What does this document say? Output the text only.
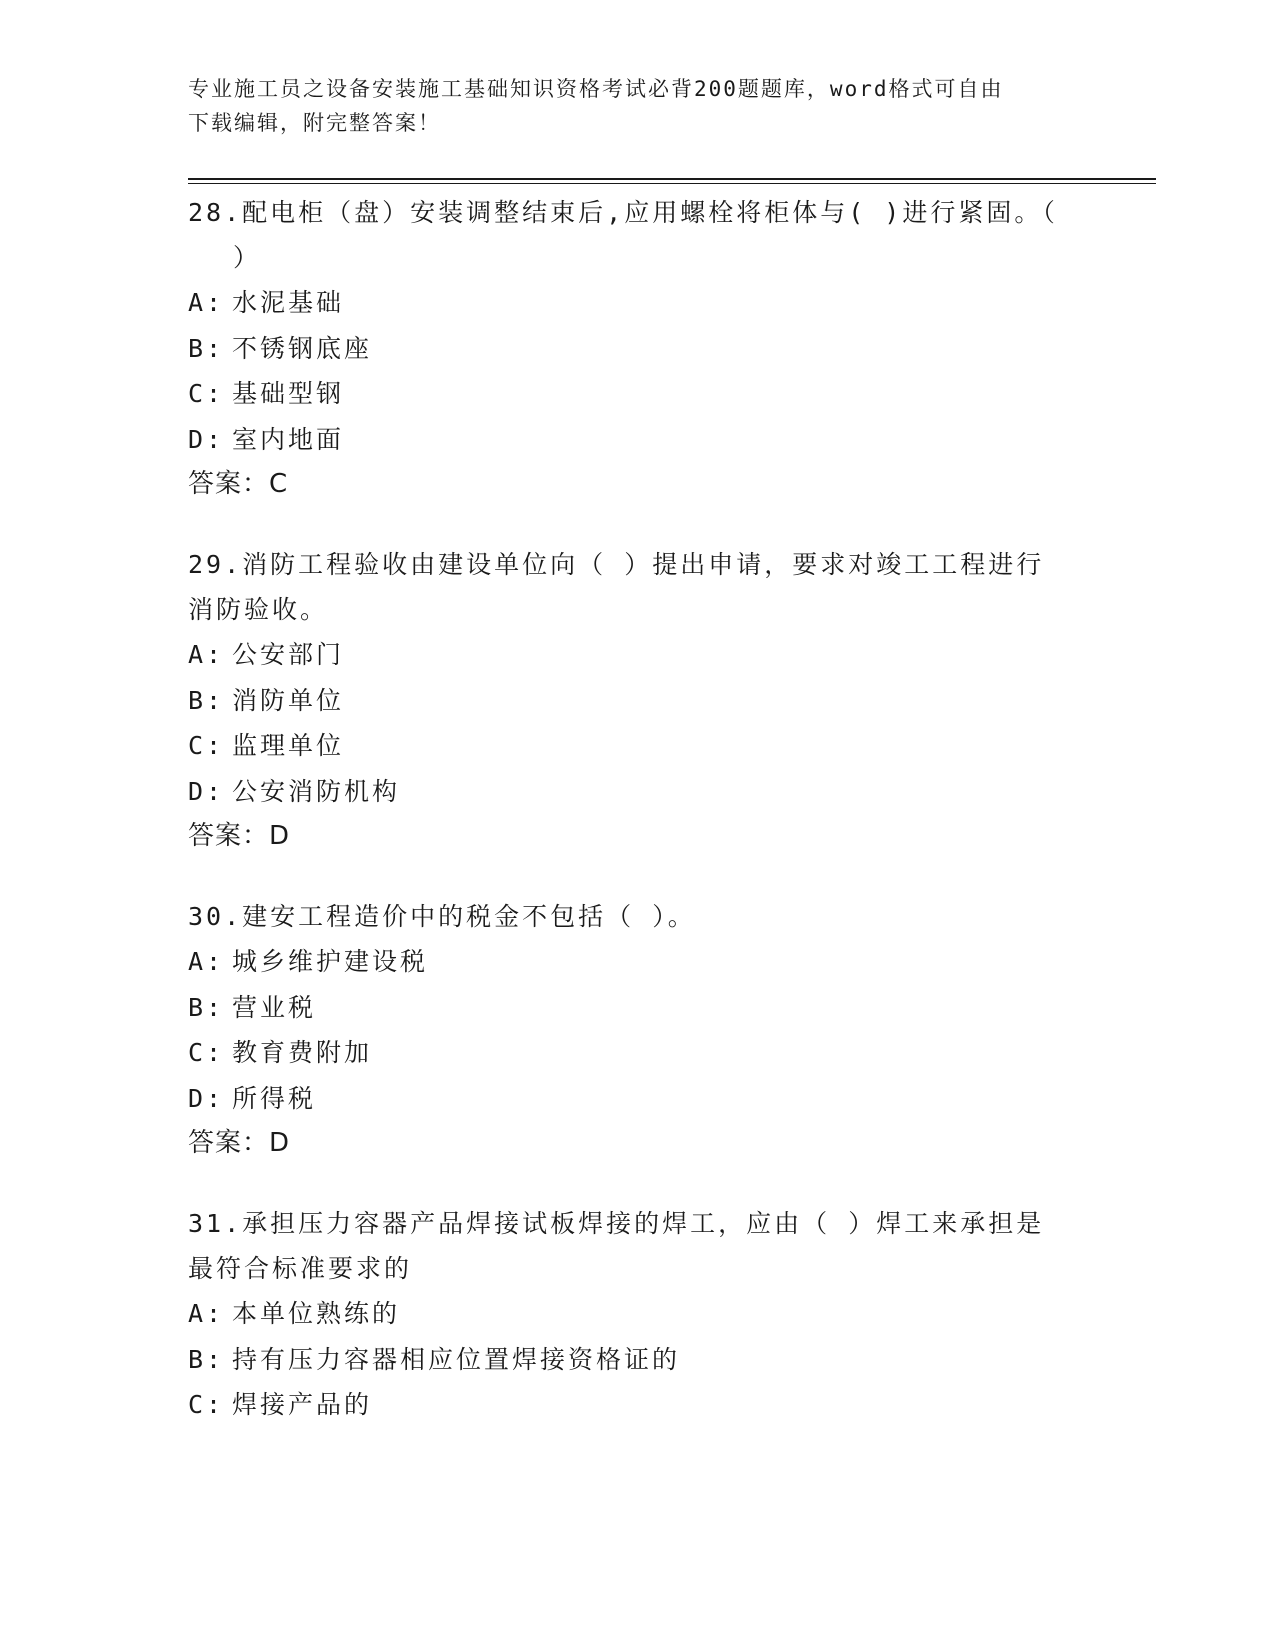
专业施工员之设备安装施工基础知识资格考试必背200题题库，word格式可自由
下载编辑，附完整答案！

28.配电柜（盘）安装调整结束后,应用螺栓将柜体与( )进行紧固。（

）

A: 水泥基础

B: 不锈钢底座

C: 基础型钢

D: 室内地面

答案：C

29.消防工程验收由建设单位向（ ）提出申请，要求对竣工工程进行

消防验收。

A: 公安部门

B: 消防单位

C: 监理单位

D: 公安消防机构

答案：D

30.建安工程造价中的税金不包括（ ）。

A: 城乡维护建设税

B: 营业税

C: 教育费附加

D: 所得税

答案：D

31.承担压力容器产品焊接试板焊接的焊工，应由（ ）焊工来承担是

最符合标准要求的

A: 本单位熟练的

B: 持有压力容器相应位置焊接资格证的

C: 焊接产品的
